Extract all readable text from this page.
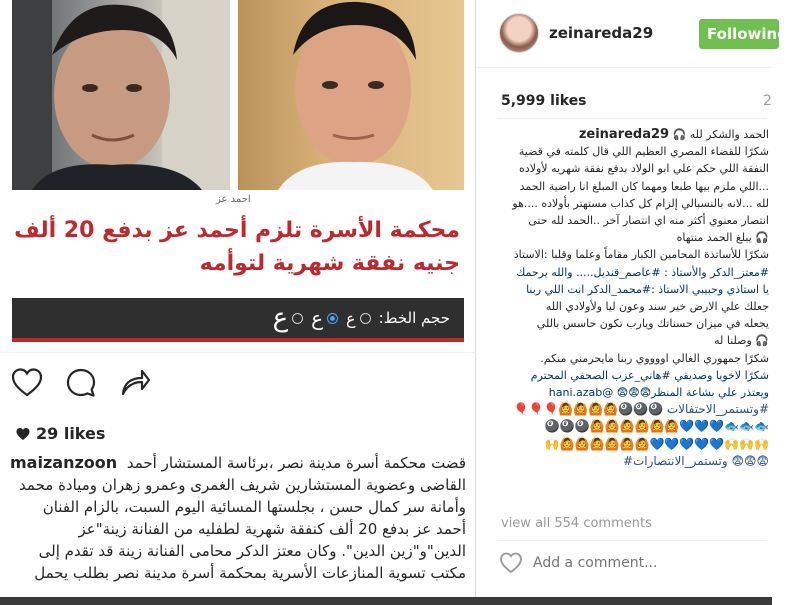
احمد عز
محكمة الأسرة تلزم أحمد عز بدفع 20 ألف
جنيه نفقة شهرية لتوأمه
حجم الخط:
ع
ع
ع
29 likes
maizanzoon قضت محكمة أسرة مدينة نصر ،برئاسة المستشار أحمد القاضى وعضوية المستشارين شريف الغمرى وعمرو زهران وميادة محمد وأمانة سر كمال حسن ، بجلستها المسائية اليوم السبت، بالزام الفنان أحمد عز بدفع 20 ألف كنفقة شهرية لطفليه من الفنانة زينة"عز الدين"و"زين الدين". وكان معتز الدكر محامى الفنانة زينة قد تقدم إلى مكتب تسوية المنازعات الأسرية بمحكمة أسرة مدينة نصر بطلب يحمل
zeinareda29	Following
5,999 likes	2
الحمد والشكر لله 🎧 zeinareda29
شكرًا للقضاء المصري العظيم اللي قال كلمته في قضية
النفقة اللي حكم علي ابو الولاد بدفع نفقة شهريه لأولاده
...اللي ملزم بيها طبعا ومهما كان المبلغ انا راضية الحمد
لله ...لانه بالنسبالي إلزام كل كذاب مستهتر بأولاده ....هو
انتصار معنوي أكثر منه اي انتصار آخر ..الحمد لله حتى
🎧 يبلغ الحمد منتهاه
شكرًا للأساتذة المحامين الكبار مقاماً وعلما وقلبا :الاستاذ
#معتز_الدكر والأستاذ : #عاصم_قنديل..... والله يرحمك
يا استاذي وحبيبي الاستاذ :#محمد_الدكر انت اللي ربنا
جعلك علي الارض خير سند وعون ليا ولأولادي الله
يجعله في ميزان حسناتك ويارب تكون حاسس باللي
🎧 وصلنا له
شكرًا جمهوري الغالي اووووي ربنا مايحرمني منكم.
شكرًا لاخويا وصديقي #هاني_عزب الصحفي المحترم
ويعتذر علي بشاعة المنظر😨😨😨 @hani.azab
#وتستمر_الاحتفالات 🎱🎱🎱🙆🙆🙆🙆🎈🎈🎈
🐟🐟🐟💙💙💙🙆🙆🙆🙆🙆🙆🎱🎱🎱
🙌🙌🙌💙💙💙💙💙🙆🙆🙆🙆🙆🙆🙌
😨😨😨 وتستمر_الانتصارات#
view all 554 comments
Add a comment...
